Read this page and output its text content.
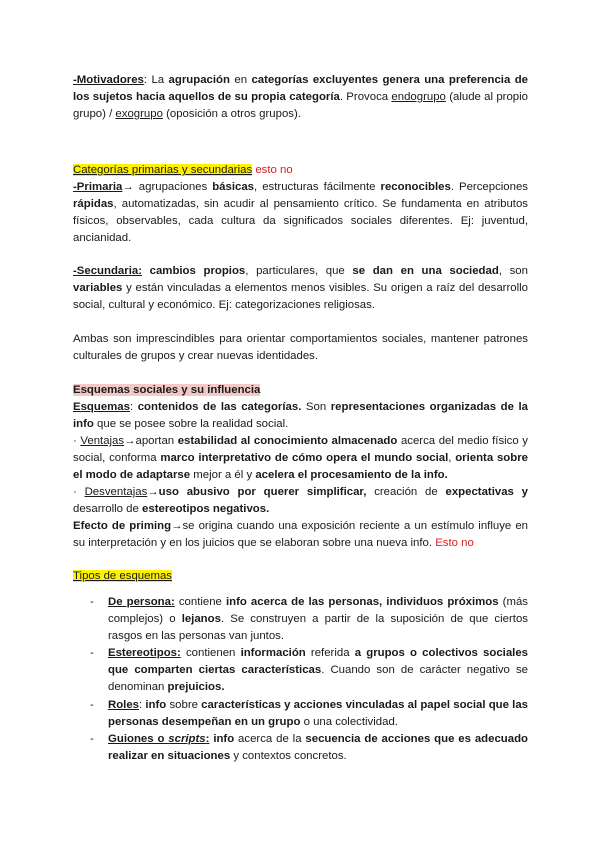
-Motivadores: La agrupación en categorías excluyentes genera una preferencia de los sujetos hacia aquellos de su propia categoría. Provoca endogrupo (alude al propio grupo) / exogrupo (oposición a otros grupos).

Categorías primarias y secundarias esto no
-Primaria→ agrupaciones básicas, estructuras fácilmente reconocibles. Percepciones rápidas, automatizadas, sin acudir al pensamiento crítico. Se fundamenta en atributos físicos, observables, cada cultura da significados sociales diferentes. Ej: juventud, ancianidad.

-Secundaria: cambios propios, particulares, que se dan en una sociedad, son variables y están vinculadas a elementos menos visibles. Su origen a raíz del desarrollo social, cultural y económico. Ej: categorizaciones religiosas.

Ambas son imprescindibles para orientar comportamientos sociales, mantener patrones culturales de grupos y crear nuevas identidades.

Esquemas sociales y su influencia
Esquemas: contenidos de las categorías. Son representaciones organizadas de la info que se posee sobre la realidad social.
· Ventajas→aportan estabilidad al conocimiento almacenado acerca del medio físico y social, conforma marco interpretativo de cómo opera el mundo social, orienta sobre el modo de adaptarse mejor a él y acelera el procesamiento de la info.
· Desventajas→uso abusivo por querer simplificar, creación de expectativas y desarrollo de estereotipos negativos.
Efecto de priming→se origina cuando una exposición reciente a un estímulo influye en su interpretación y en los juicios que se elaboran sobre una nueva info. Esto no

Tipos de esquemas

- De persona: contiene info acerca de las personas, individuos próximos (más complejos) o lejanos. Se construyen a partir de la suposición de que ciertos rasgos en las personas van juntos.
- Estereotipos: contienen información referida a grupos o colectivos sociales que comparten ciertas características. Cuando son de carácter negativo se denominan prejuicios.
- Roles: info sobre características y acciones vinculadas al papel social que las personas desempeñan en un grupo o una colectividad.
- Guiones o scripts: info acerca de la secuencia de acciones que es adecuado realizar en situaciones y contextos concretos.
